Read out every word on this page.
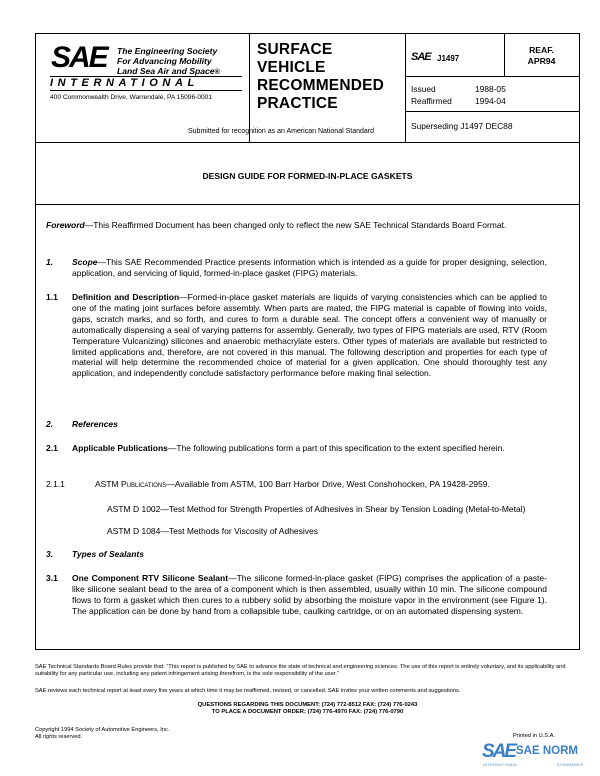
SAE The Engineering Society
For Advancing Mobility
Land Sea Air and Space®
INTERNATIONAL
400 Commonwealth Drive, Warrendale, PA 15096-0001
SURFACE
VEHICLE
RECOMMENDED
PRACTICE
Submitted for recognition as an American National Standard
SAE J1497
REAF.
APR94
Issued	1988-05
Reaffirmed	1994-04
Superseding J1497 DEC88
DESIGN GUIDE FOR FORMED-IN-PLACE GASKETS
Foreword—This Reaffirmed Document has been changed only to reflect the new SAE Technical Standards Board Format.
1. Scope—This SAE Recommended Practice presents information which is intended as a guide for proper designing, selection, application, and servicing of liquid, formed-in-place gasket (FIPG) materials.
1.1 Definition and Description—Formed-in-place gasket materials are liquids of varying consistencies which can be applied to one of the mating joint surfaces before assembly. When parts are mated, the FIPG material is capable of flowing into voids, gaps, scratch marks, and so forth, and cures to form a durable seal. The concept offers a convenient way of manually or automatically dispensing a seal of varying patterns for assembly. Generally, two types of FIPG materials are used, RTV (Room Temperature Vulcanizing) silicones and anaerobic methacrylate esters. Other types of materials are available but restricted to limited applications and, therefore, are not covered in this manual. The following description and properties for each type of material will help determine the recommended choice of material for a given application. One should thoroughly test any application, and independently conclude satisfactory performance before making final selection.
2. References
2.1 Applicable Publications—The following publications form a part of this specification to the extent specified herein.
2.1.1	ASTM Publications—Available from ASTM, 100 Barr Harbor Drive, West Conshohocken, PA 19428-2959.
ASTM D 1002—Test Method for Strength Properties of Adhesives in Shear by Tension Loading (Metal-to-Metal)
ASTM D 1084—Test Methods for Viscosity of Adhesives
3. Types of Sealants
3.1 One Component RTV Silicone Sealant—The silicone formed-in-place gasket (FIPG) comprises the application of a paste-like silicone sealant bead to the area of a component which is then assembled, usually within 10 min. The silicone compound flows to form a gasket which then cures to a rubbery solid by absorbing the moisture vapor in the environment (see Figure 1). The application can be done by hand from a collapsible tube, caulking cartridge, or on an automated dispensing system.
SAE Technical Standards Board Rules provide that: “This report is published by SAE to advance the state of technical and engineering sciences. The use of this report is entirely voluntary, and its applicability and suitability for any particular use, including any patent infringement arising therefrom, is the sole responsibility of the user.”
SAE reviews each technical report at least every five years at which time it may be reaffirmed, revised, or cancelled. SAE invites your written comments and suggestions.
QUESTIONS REGARDING THIS DOCUMENT: (724) 772-8512 FAX: (724) 776-0243
TO PLACE A DOCUMENT ORDER; (724) 776-4970 FAX: (724) 776-0790
Copyright 1994 Society of Automotive Engineers, Inc.
All rights reserved.	Printed in U.S.A.
SAE SAE NORM
INTERNATIONAL	STANDARDS
